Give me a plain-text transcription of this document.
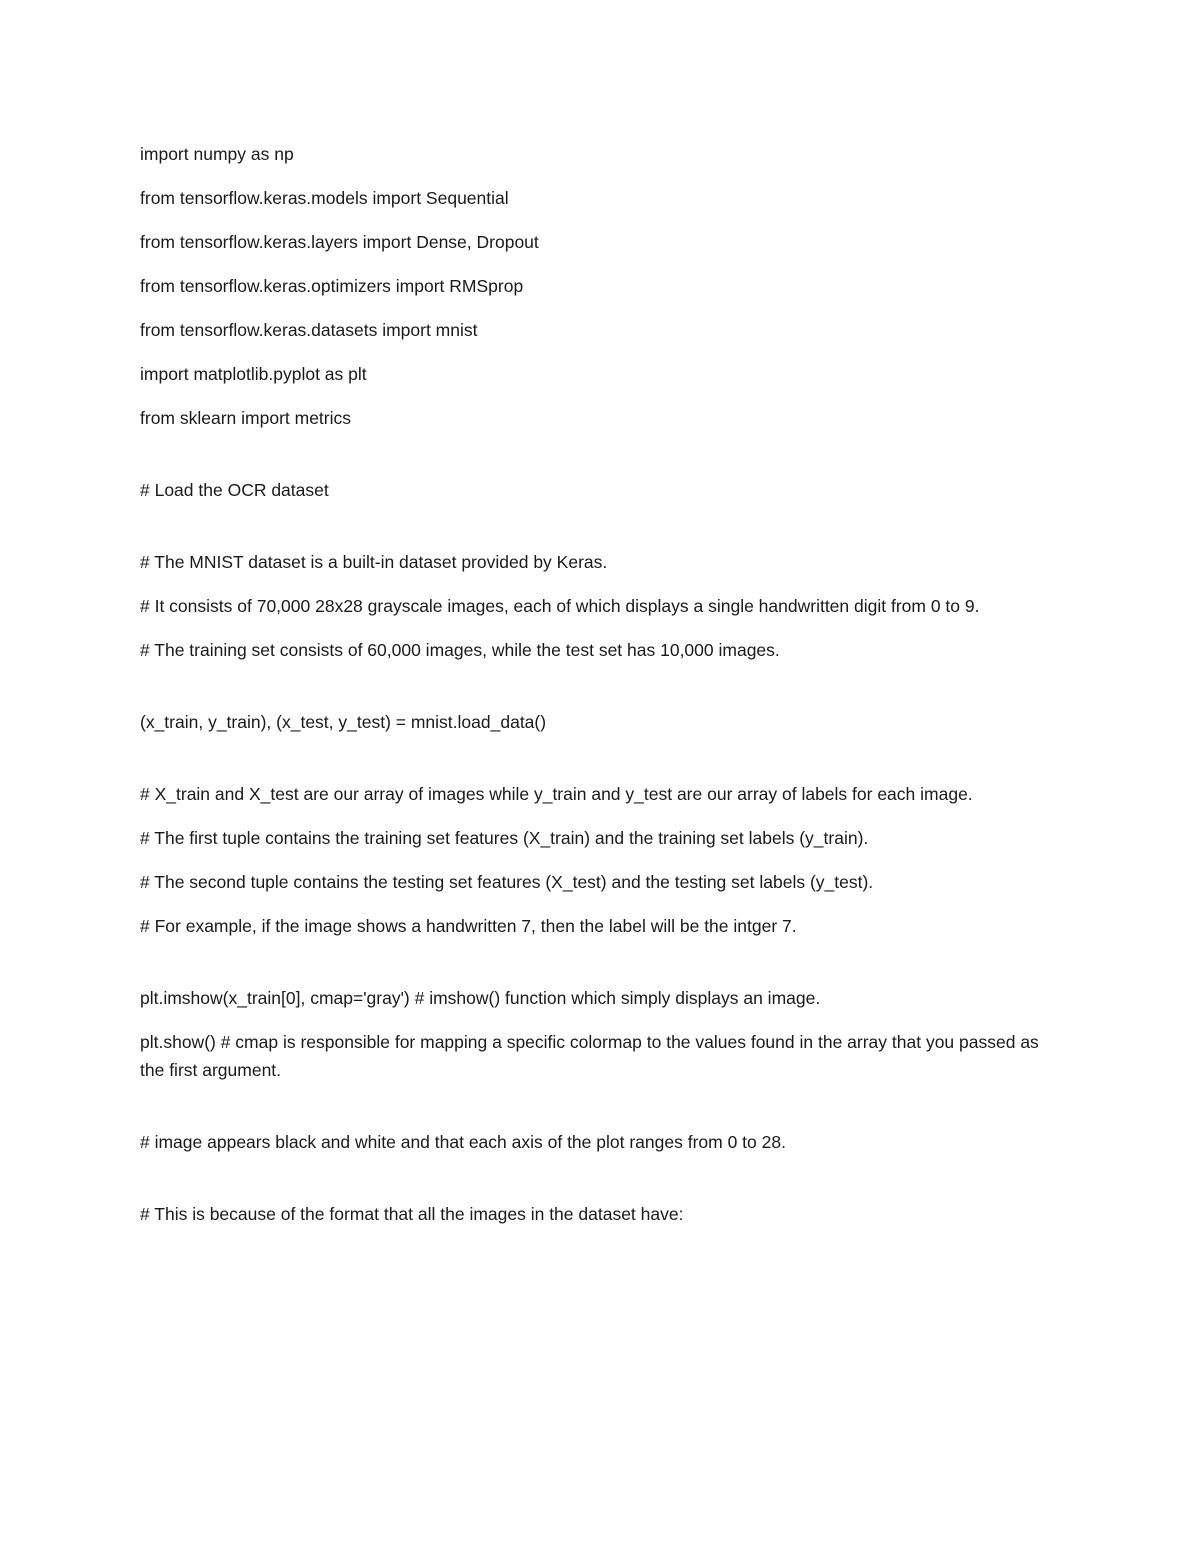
import numpy as np
from tensorflow.keras.models import Sequential
from tensorflow.keras.layers import Dense, Dropout
from tensorflow.keras.optimizers import RMSprop
from tensorflow.keras.datasets import mnist
import matplotlib.pyplot as plt
from sklearn import metrics
# Load the OCR dataset
# The MNIST dataset is a built-in dataset provided by Keras.
# It consists of 70,000 28x28 grayscale images, each of which displays a single handwritten digit from 0 to 9.
# The training set consists of 60,000 images, while the test set has 10,000 images.
(x_train, y_train), (x_test, y_test) = mnist.load_data()
# X_train and X_test are our array of images while y_train and y_test are our array of labels for each image.
# The first tuple contains the training set features (X_train) and the training set labels (y_train).
# The second tuple contains the testing set features (X_test) and the testing set labels (y_test).
# For example, if the image shows a handwritten 7, then the label will be the intger 7.
plt.imshow(x_train[0], cmap='gray') # imshow() function which simply displays an image.
plt.show() # cmap is responsible for mapping a specific colormap to the values found in the array that you passed as the first argument.
# image appears black and white and that each axis of the plot ranges from 0 to 28.
# This is because of the format that all the images in the dataset have:
